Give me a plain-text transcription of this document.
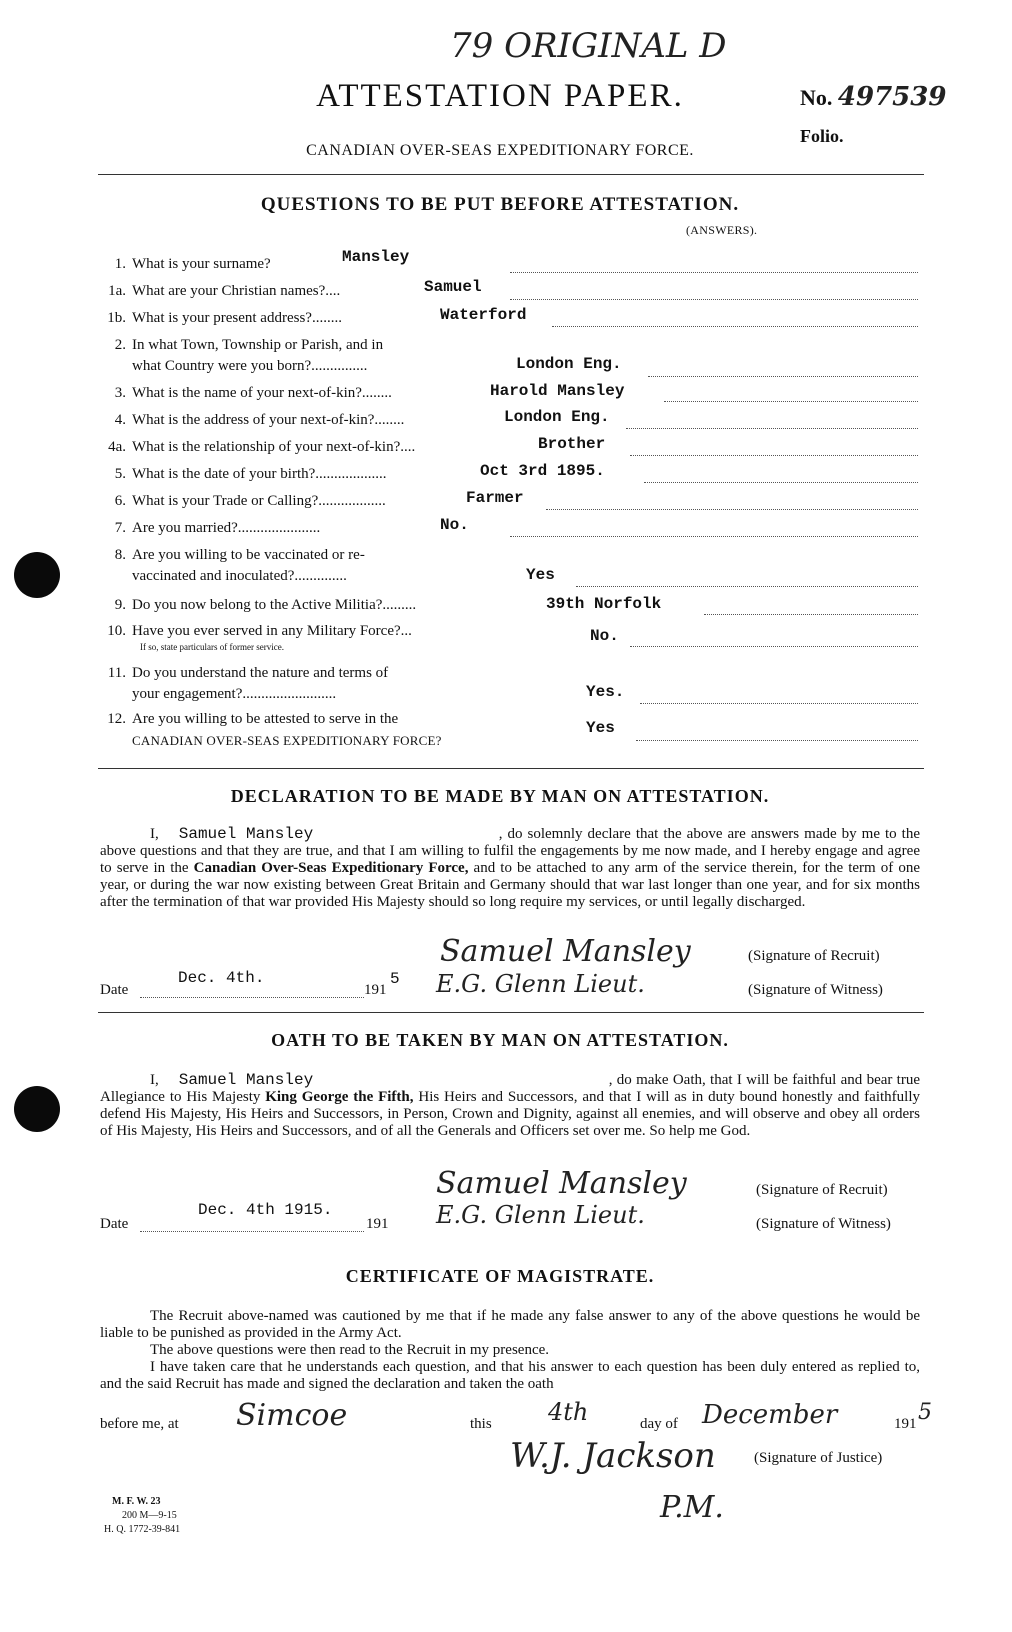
79 ORIGINAL D
ATTESTATION PAPER.	No. 497539
Folio.
CANADIAN OVER-SEAS EXPEDITIONARY FORCE.
QUESTIONS TO BE PUT BEFORE ATTESTATION.
(ANSWERS).
1. What is your surname?	Mansley
1a. What are your Christian names?....	Samuel
1b. What is your present address?........	Waterford
2. In what Town, Township or Parish, and in
what Country were you born?...............	London Eng.
3. What is the name of your next-of-kin?........	Harold Mansley
4. What is the address of your next-of-kin?........	London Eng.
4a. What is the relationship of your next-of-kin?....	Brother
5. What is the date of your birth?...................	Oct 3rd 1895.
6. What is your Trade or Calling?..................	Farmer
7. Are you married?......................	No.
8. Are you willing to be vaccinated or re-
vaccinated and inoculated?..............	Yes
9. Do you now belong to the Active Militia?.........	39th Norfolk
10. Have you ever served in any Military Force?...
If so, state particulars of former service.
No.
11. Do you understand the nature and terms of
your engagement?.........................	Yes.
12. Are you willing to be attested to serve in the
CANADIAN OVER-SEAS EXPEDITIONARY FORCE?
Yes
DECLARATION TO BE MADE BY MAN ON ATTESTATION.
I, Samuel Mansley	, do solemnly declare that the above are answers made by me to the above questions and that they are true, and that I am willing to fulfil the engagements by me now made, and I hereby engage and agree to serve in the Canadian Over-Seas Expeditionary Force, and to be attached to any arm of the service therein, for the term of one year, or during the war now existing between Great Britain and Germany should that war last longer than one year, and for six months after the termination of that war provided His Majesty should so long require my services, or until legally discharged.
Samuel Mansley	(Signature of Recruit)
Date
Dec. 4th.
191
5 E.G. Glenn Lieut.	(Signature of Witness)
OATH TO BE TAKEN BY MAN ON ATTESTATION.
I, Samuel Mansley	, do make Oath, that I will be faithful and bear true Allegiance to His Majesty King George the Fifth, His Heirs and Successors, and that I will as in duty bound honestly and faithfully defend His Majesty, His Heirs and Successors, in Person, Crown and Dignity, against all enemies, and will observe and obey all orders of His Majesty, His Heirs and Successors, and of all the Generals and Officers set over me. So help me God.
Samuel Mansley	(Signature of Recruit)
Date
Dec. 4th 1915.
191 E.G. Glenn Lieut.	(Signature of Witness)
CERTIFICATE OF MAGISTRATE.
The Recruit above-named was cautioned by me that if he made any false answer to any of the above questions he would be liable to be punished as provided in the Army Act.
The above questions were then read to the Recruit in my presence.
I have taken care that he understands each question, and that his answer to each question has been duly entered as replied to, and the said Recruit has made and signed the declaration and taken the oath
before me, at Simcoe	this 4th	day of December	191 5
W.J. Jackson	(Signature of Justice)
P.M.
M. F. W. 23
200 M—9-15
H. Q. 1772-39-841
